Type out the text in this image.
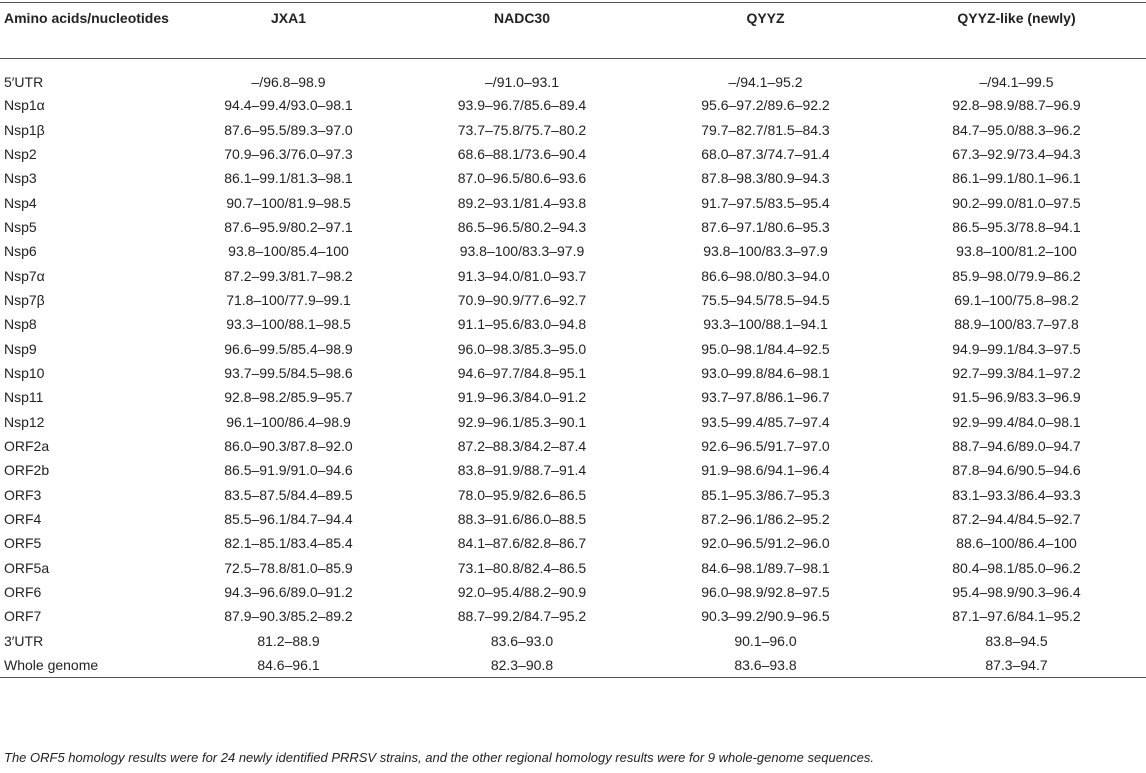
Amino acids/nucleotides	JXA1	NADC30	QYYZ	QYYZ-like (newly)
5′UTR	–/96.8–98.9	–/91.0–93.1	–/94.1–95.2	–/94.1–99.5
Nsp1α	94.4–99.4/93.0–98.1	93.9–96.7/85.6–89.4	95.6–97.2/89.6–92.2	92.8–98.9/88.7–96.9
Nsp1β	87.6–95.5/89.3–97.0	73.7–75.8/75.7–80.2	79.7–82.7/81.5–84.3	84.7–95.0/88.3–96.2
Nsp2	70.9–96.3/76.0–97.3	68.6–88.1/73.6–90.4	68.0–87.3/74.7–91.4	67.3–92.9/73.4–94.3
Nsp3	86.1–99.1/81.3–98.1	87.0–96.5/80.6–93.6	87.8–98.3/80.9–94.3	86.1–99.1/80.1–96.1
Nsp4	90.7–100/81.9–98.5	89.2–93.1/81.4–93.8	91.7–97.5/83.5–95.4	90.2–99.0/81.0–97.5
Nsp5	87.6–95.9/80.2–97.1	86.5–96.5/80.2–94.3	87.6–97.1/80.6–95.3	86.5–95.3/78.8–94.1
Nsp6	93.8–100/85.4–100	93.8–100/83.3–97.9	93.8–100/83.3–97.9	93.8–100/81.2–100
Nsp7α	87.2–99.3/81.7–98.2	91.3–94.0/81.0–93.7	86.6–98.0/80.3–94.0	85.9–98.0/79.9–86.2
Nsp7β	71.8–100/77.9–99.1	70.9–90.9/77.6–92.7	75.5–94.5/78.5–94.5	69.1–100/75.8–98.2
Nsp8	93.3–100/88.1–98.5	91.1–95.6/83.0–94.8	93.3–100/88.1–94.1	88.9–100/83.7–97.8
Nsp9	96.6–99.5/85.4–98.9	96.0–98.3/85.3–95.0	95.0–98.1/84.4–92.5	94.9–99.1/84.3–97.5
Nsp10	93.7–99.5/84.5–98.6	94.6–97.7/84.8–95.1	93.0–99.8/84.6–98.1	92.7–99.3/84.1–97.2
Nsp11	92.8–98.2/85.9–95.7	91.9–96.3/84.0–91.2	93.7–97.8/86.1–96.7	91.5–96.9/83.3–96.9
Nsp12	96.1–100/86.4–98.9	92.9–96.1/85.3–90.1	93.5–99.4/85.7–97.4	92.9–99.4/84.0–98.1
ORF2a	86.0–90.3/87.8–92.0	87.2–88.3/84.2–87.4	92.6–96.5/91.7–97.0	88.7–94.6/89.0–94.7
ORF2b	86.5–91.9/91.0–94.6	83.8–91.9/88.7–91.4	91.9–98.6/94.1–96.4	87.8–94.6/90.5–94.6
ORF3	83.5–87.5/84.4–89.5	78.0–95.9/82.6–86.5	85.1–95.3/86.7–95.3	83.1–93.3/86.4–93.3
ORF4	85.5–96.1/84.7–94.4	88.3–91.6/86.0–88.5	87.2–96.1/86.2–95.2	87.2–94.4/84.5–92.7
ORF5	82.1–85.1/83.4–85.4	84.1–87.6/82.8–86.7	92.0–96.5/91.2–96.0	88.6–100/86.4–100
ORF5a	72.5–78.8/81.0–85.9	73.1–80.8/82.4–86.5	84.6–98.1/89.7–98.1	80.4–98.1/85.0–96.2
ORF6	94.3–96.6/89.0–91.2	92.0–95.4/88.2–90.9	96.0–98.9/92.8–97.5	95.4–98.9/90.3–96.4
ORF7	87.9–90.3/85.2–89.2	88.7–99.2/84.7–95.2	90.3–99.2/90.9–96.5	87.1–97.6/84.1–95.2
3′UTR	81.2–88.9	83.6–93.0	90.1–96.0	83.8–94.5
Whole genome	84.6–96.1	82.3–90.8	83.6–93.8	87.3–94.7
The ORF5 homology results were for 24 newly identified PRRSV strains, and the other regional homology results were for 9 whole-genome sequences.
